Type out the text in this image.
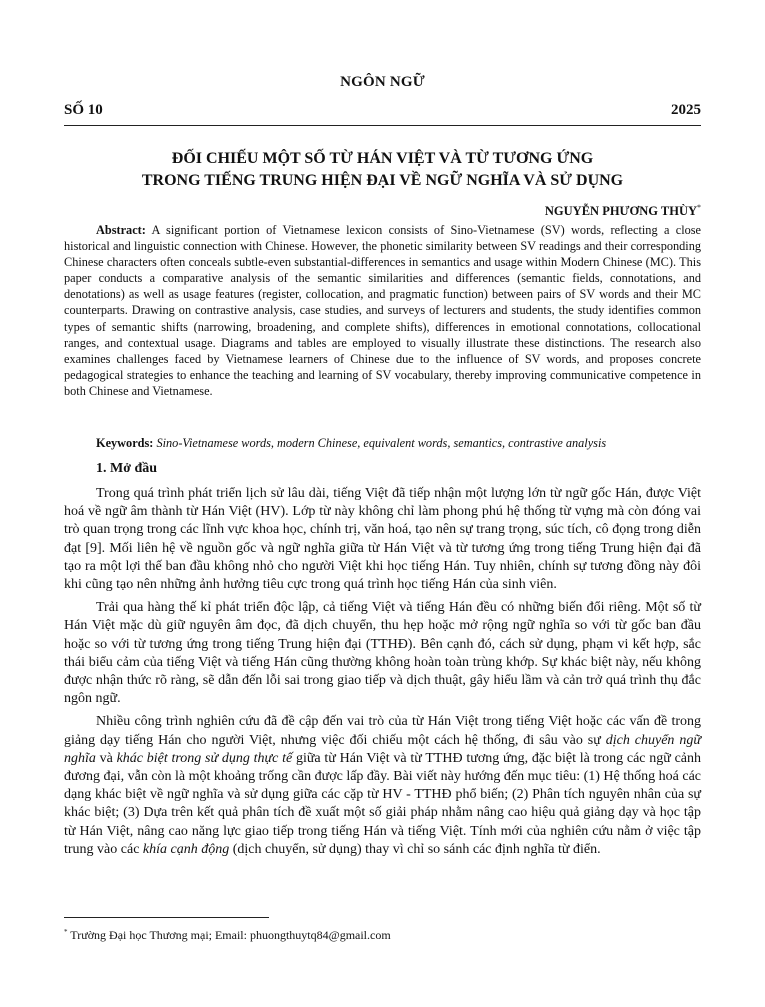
NGÔN NGỮ
SỐ 10	2025
ĐỐI CHIẾU MỘT SỐ TỪ HÁN VIỆT VÀ TỪ TƯƠNG ỨNG
TRONG TIẾNG TRUNG HIỆN ĐẠI VỀ NGỮ NGHĨA VÀ SỬ DỤNG
NGUYỄN PHƯƠNG THÙY*
Abstract: A significant portion of Vietnamese lexicon consists of Sino-Vietnamese (SV) words, reflecting a close historical and linguistic connection with Chinese. However, the phonetic similarity between SV readings and their corresponding Chinese characters often conceals subtle-even substantial-differences in semantics and usage within Modern Chinese (MC). This paper conducts a comparative analysis of the semantic similarities and differences (semantic fields, connotations, and denotations) as well as usage features (register, collocation, and pragmatic function) between pairs of SV words and their MC counterparts. Drawing on contrastive analysis, case studies, and surveys of lecturers and students, the study identifies common types of semantic shifts (narrowing, broadening, and complete shifts), differences in emotional connotations, collocational ranges, and contextual usage. Diagrams and tables are employed to visually illustrate these distinctions. The research also examines challenges faced by Vietnamese learners of Chinese due to the influence of SV words, and proposes concrete pedagogical strategies to enhance the teaching and learning of SV vocabulary, thereby improving communicative competence in both Chinese and Vietnamese.
Keywords: Sino-Vietnamese words, modern Chinese, equivalent words, semantics, contrastive analysis
1. Mở đầu

Trong quá trình phát triển lịch sử lâu dài, tiếng Việt đã tiếp nhận một lượng lớn từ ngữ gốc Hán, được Việt hoá về ngữ âm thành từ Hán Việt (HV). Lớp từ này không chỉ làm phong phú hệ thống từ vựng mà còn đóng vai trò quan trọng trong các lĩnh vực khoa học, chính trị, văn hoá, tạo nên sự trang trọng, súc tích, cô đọng trong diễn đạt [9]. Mối liên hệ về nguồn gốc và ngữ nghĩa giữa từ Hán Việt và từ tương ứng trong tiếng Trung hiện đại đã tạo ra một lợi thế ban đầu không nhỏ cho người Việt khi học tiếng Hán. Tuy nhiên, chính sự tương đồng này đôi khi cũng tạo nên những ảnh hưởng tiêu cực trong quá trình học tiếng Hán của sinh viên.

Trải qua hàng thế kỉ phát triển độc lập, cả tiếng Việt và tiếng Hán đều có những biến đổi riêng. Một số từ Hán Việt mặc dù giữ nguyên âm đọc, đã dịch chuyển, thu hẹp hoặc mở rộng ngữ nghĩa so với từ gốc ban đầu hoặc so với từ tương ứng trong tiếng Trung hiện đại (TTHĐ). Bên cạnh đó, cách sử dụng, phạm vi kết hợp, sắc thái biểu cảm của tiếng Việt và tiếng Hán cũng thường không hoàn toàn trùng khớp. Sự khác biệt này, nếu không được nhận thức rõ ràng, sẽ dẫn đến lỗi sai trong giao tiếp và dịch thuật, gây hiểu lầm và cản trở quá trình thụ đắc ngôn ngữ.

Nhiều công trình nghiên cứu đã đề cập đến vai trò của từ Hán Việt trong tiếng Việt hoặc các vấn đề trong giảng dạy tiếng Hán cho người Việt, nhưng việc đối chiếu một cách hệ thống, đi sâu vào sự dịch chuyển ngữ nghĩa và khác biệt trong sử dụng thực tế giữa từ Hán Việt và từ TTHĐ tương ứng, đặc biệt là trong các ngữ cảnh đương đại, vẫn còn là một khoảng trống cần được lấp đầy. Bài viết này hướng đến mục tiêu: (1) Hệ thống hoá các dạng khác biệt về ngữ nghĩa và sử dụng giữa các cặp từ HV - TTHĐ phổ biến; (2) Phân tích nguyên nhân của sự khác biệt; (3) Dựa trên kết quả phân tích đề xuất một số giải pháp nhằm nâng cao hiệu quả giảng dạy và học tập từ Hán Việt, nâng cao năng lực giao tiếp trong tiếng Hán và tiếng Việt. Tính mới của nghiên cứu nằm ở việc tập trung vào các khía cạnh động (dịch chuyển, sử dụng) thay vì chỉ so sánh các định nghĩa từ điển.

* Trường Đại học Thương mại; Email: phuongthuytq84@gmail.com
